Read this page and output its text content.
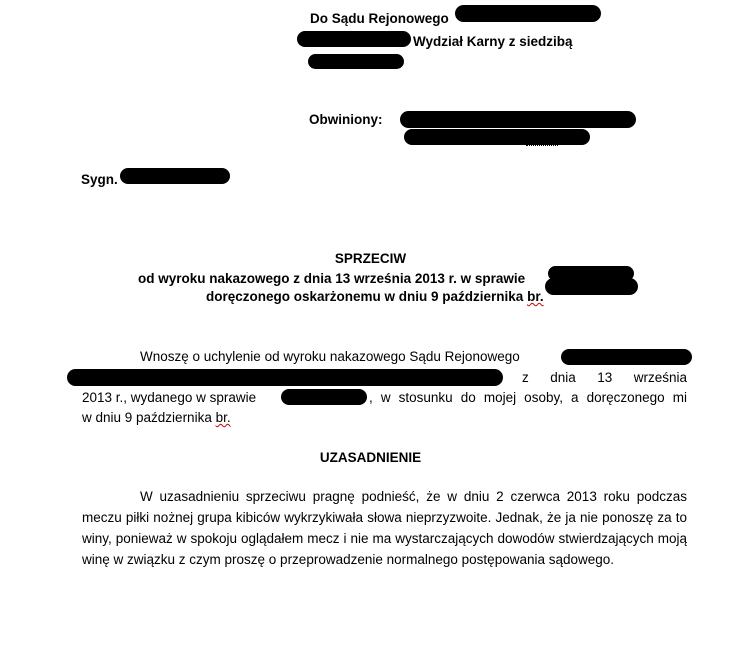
Do Sądu Rejonowego
Wydział Karny z siedzibą
Obwiniony:
Sygn.
SPRZECIW
od wyroku nakazowego z dnia 13 września 2013 r. w sprawie
doręczonego oskarżonemu w dniu 9 października br.
Wnoszę o uchylenie od wyroku nakazowego Sądu Rejonowego
z dnia 13 września
2013 r., wydanego w sprawie	, w stosunku do mojej osoby, a doręczonego mi
w dniu 9 października br.
UZASADNIENIE
W uzasadnieniu sprzeciwu pragnę podnieść, że w dniu 2 czerwca 2013 roku podczas meczu piłki nożnej grupa kibiców wykrzykiwała słowa nieprzyzwoite. Jednak, że ja nie ponoszę za to winy, ponieważ w spokoju oglądałem mecz i nie ma wystarczających dowodów stwierdzających moją winę w związku z czym proszę o przeprowadzenie normalnego postępowania sądowego.
